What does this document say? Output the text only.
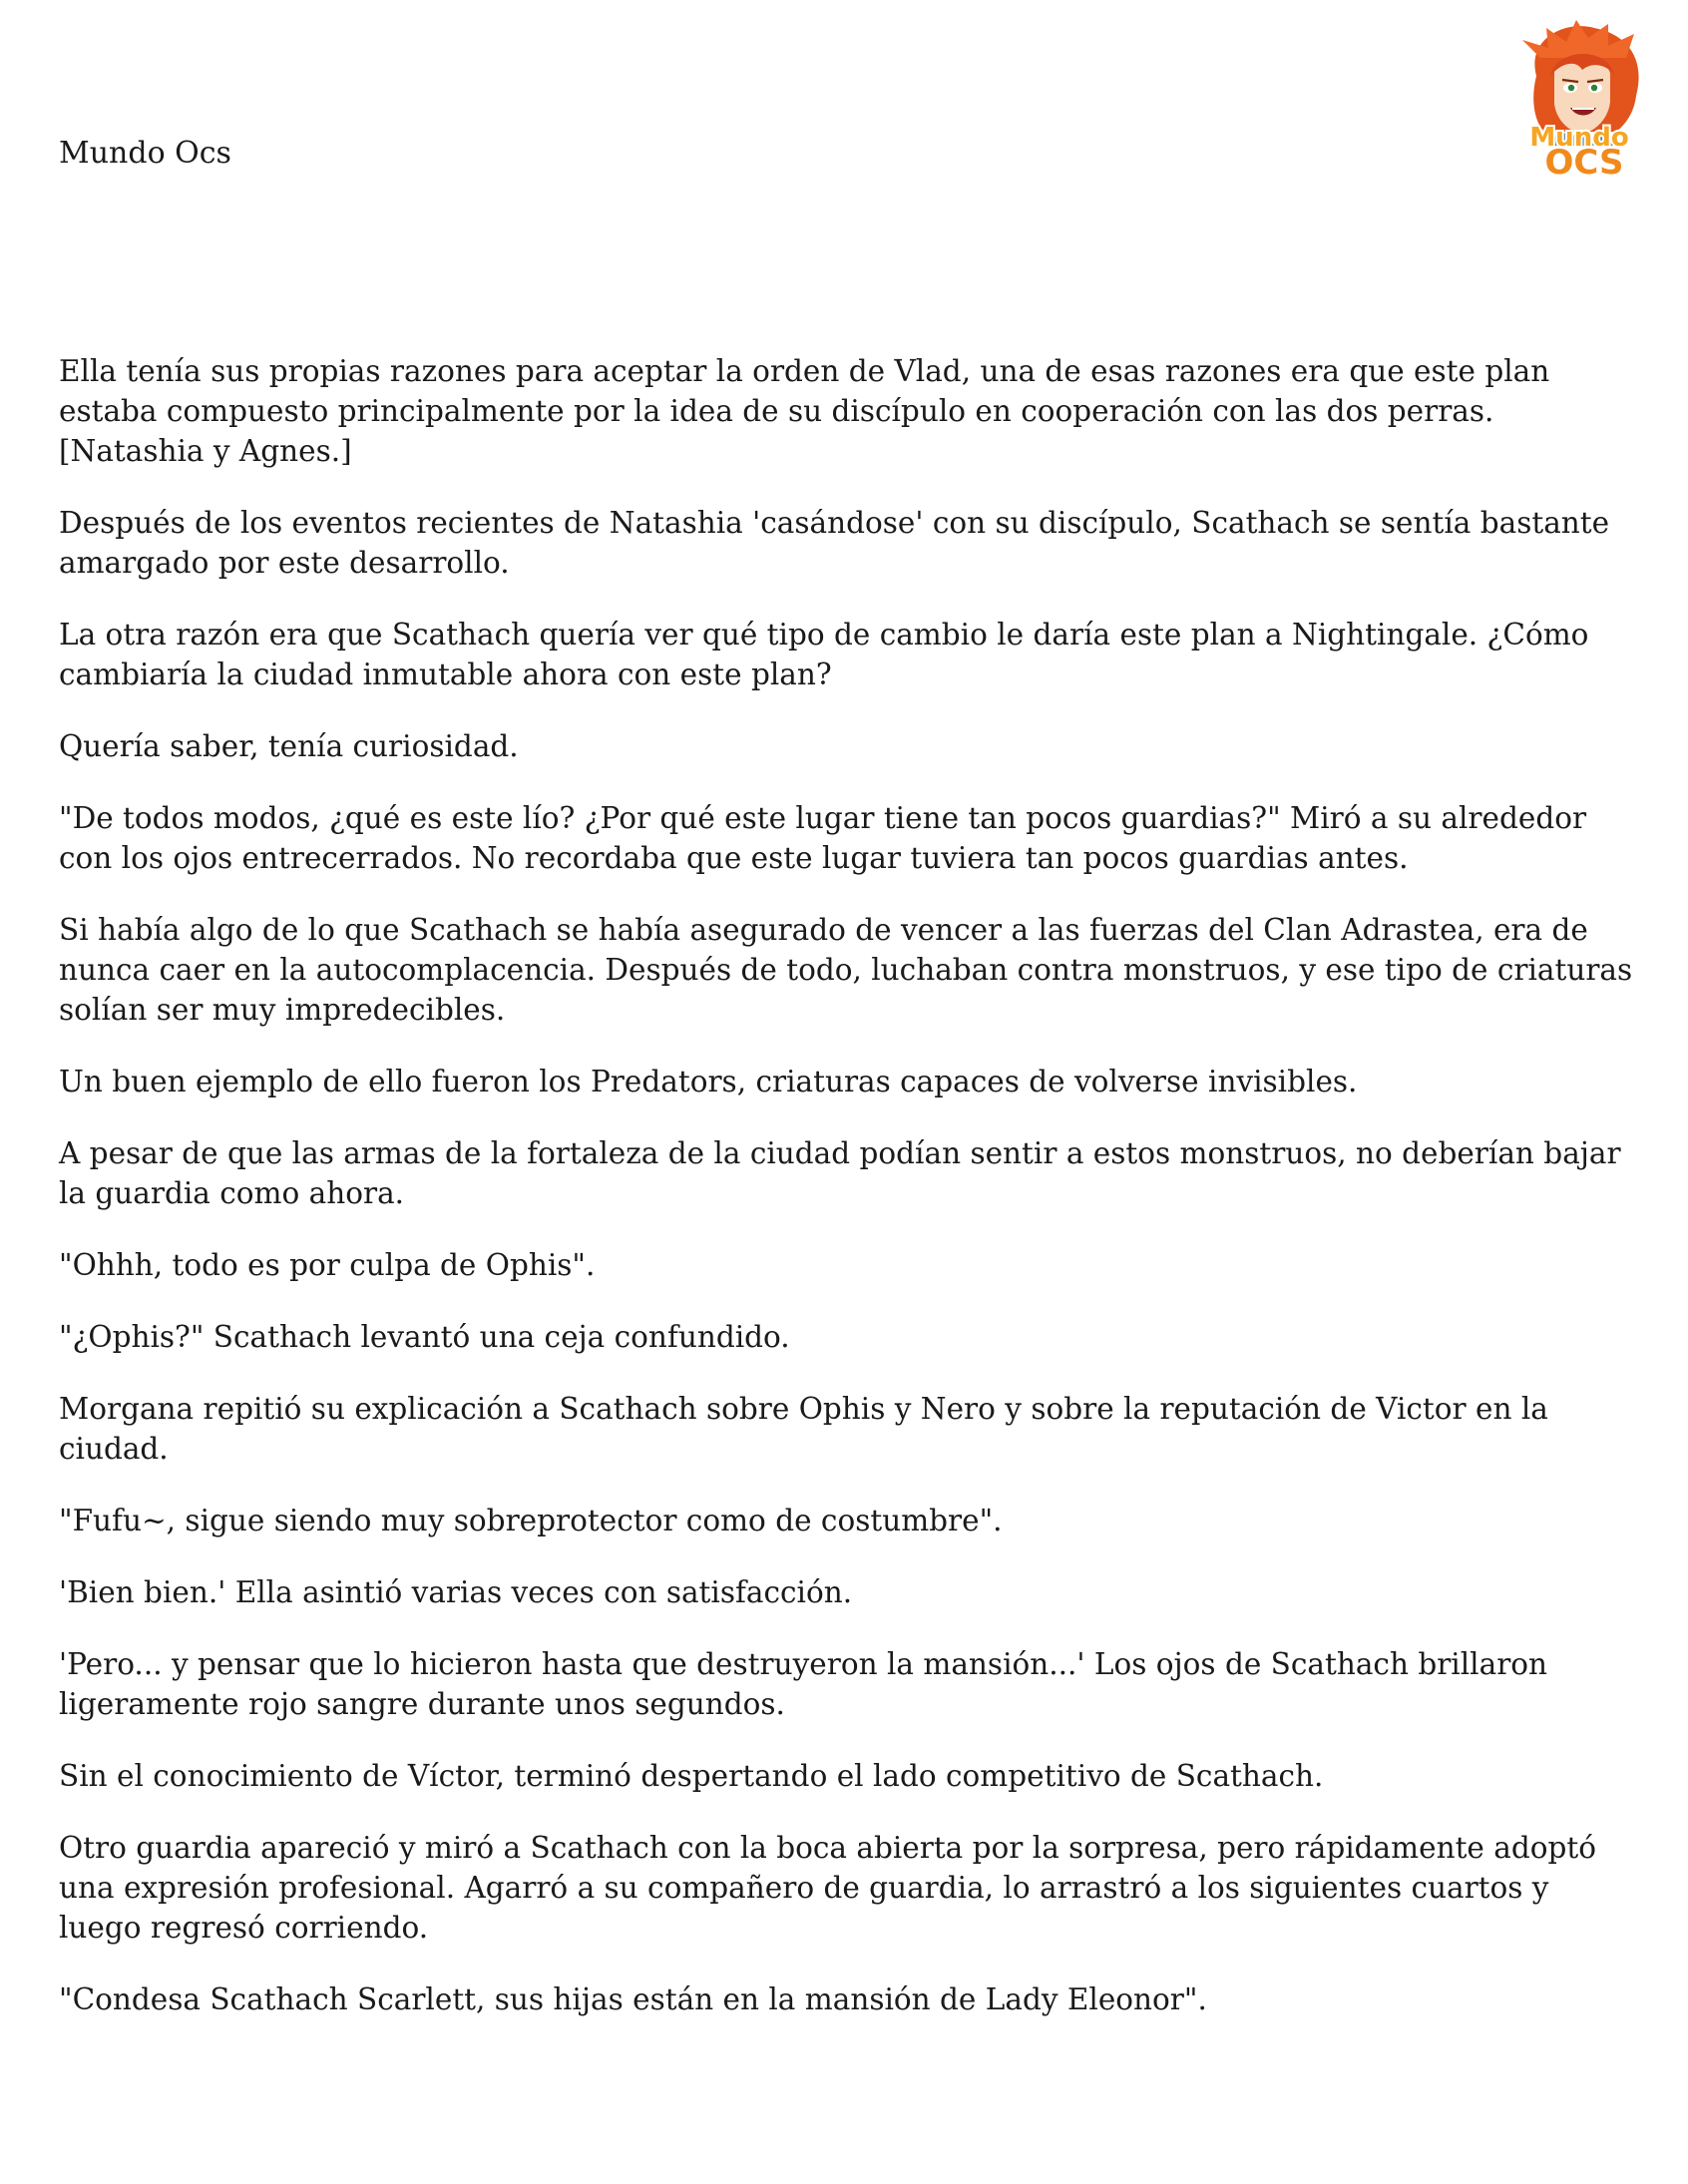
Mundo Ocs	Mundo
OCS

Ella tenía sus propias razones para aceptar la orden de Vlad, una de esas razones era que este plan estaba compuesto principalmente por la idea de su discípulo en cooperación con las dos perras. [Natashia y Agnes.]

Después de los eventos recientes de Natashia 'casándose' con su discípulo, Scathach se sentía bastante amargado por este desarrollo.

La otra razón era que Scathach quería ver qué tipo de cambio le daría este plan a Nightingale. ¿Cómo cambiaría la ciudad inmutable ahora con este plan?

Quería saber, tenía curiosidad.

"De todos modos, ¿qué es este lío? ¿Por qué este lugar tiene tan pocos guardias?" Miró a su alrededor con los ojos entrecerrados. No recordaba que este lugar tuviera tan pocos guardias antes.

Si había algo de lo que Scathach se había asegurado de vencer a las fuerzas del Clan Adrastea, era de nunca caer en la autocomplacencia. Después de todo, luchaban contra monstruos, y ese tipo de criaturas solían ser muy impredecibles.

Un buen ejemplo de ello fueron los Predators, criaturas capaces de volverse invisibles.

A pesar de que las armas de la fortaleza de la ciudad podían sentir a estos monstruos, no deberían bajar la guardia como ahora.

"Ohhh, todo es por culpa de Ophis".

"¿Ophis?" Scathach levantó una ceja confundido.

Morgana repitió su explicación a Scathach sobre Ophis y Nero y sobre la reputación de Victor en la ciudad.

"Fufu~, sigue siendo muy sobreprotector como de costumbre".

'Bien bien.' Ella asintió varias veces con satisfacción.

'Pero... y pensar que lo hicieron hasta que destruyeron la mansión...' Los ojos de Scathach brillaron ligeramente rojo sangre durante unos segundos.

Sin el conocimiento de Víctor, terminó despertando el lado competitivo de Scathach.

Otro guardia apareció y miró a Scathach con la boca abierta por la sorpresa, pero rápidamente adoptó una expresión profesional. Agarró a su compañero de guardia, lo arrastró a los siguientes cuartos y luego regresó corriendo.

"Condesa Scathach Scarlett, sus hijas están en la mansión de Lady Eleonor".
